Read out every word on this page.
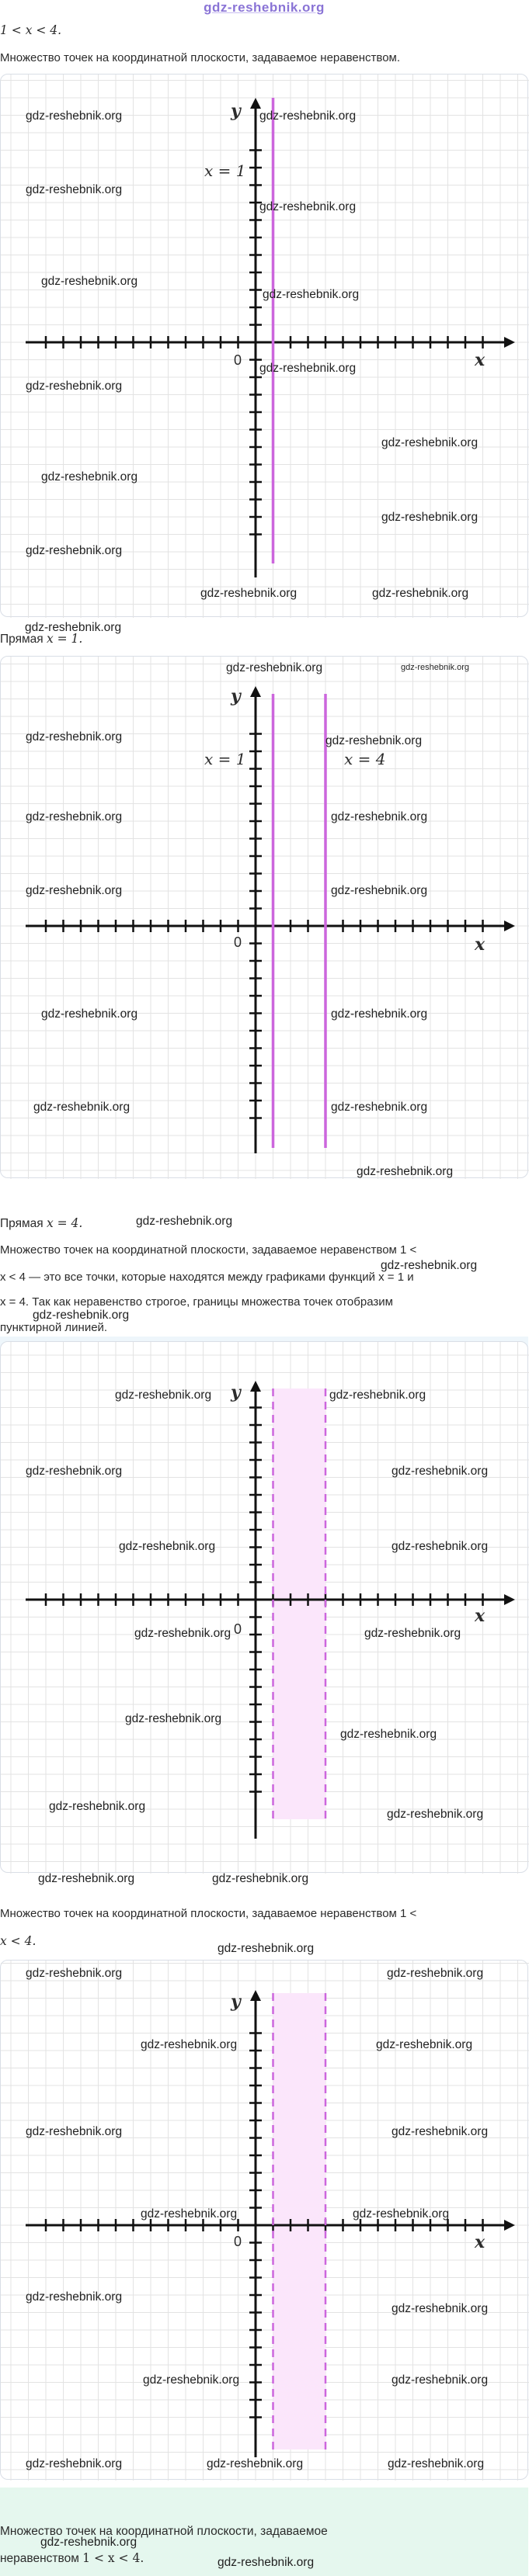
gdz-reshebnik.org
1 < x < 4.
Множество точек на координатной плоскости, задаваемое неравенством.
x = 1
y
x
0
gdz-reshebnik.org	gdz-reshebnik.org
gdz-reshebnik.org
gdz-reshebnik.org
gdz-reshebnik.org
gdz-reshebnik.org
gdz-reshebnik.org
gdz-reshebnik.org
gdz-reshebnik.org
gdz-reshebnik.org
gdz-reshebnik.org
gdz-reshebnik.org
gdz-reshebnik.org	gdz-reshebnik.org
gdz-reshebnik.org
Прямая x = 1.
x = 1	x = 4
y
x
0
gdz-reshebnik.org	gdz-reshebnik.org
gdz-reshebnik.org	gdz-reshebnik.org
gdz-reshebnik.org	gdz-reshebnik.org
gdz-reshebnik.org	gdz-reshebnik.org
gdz-reshebnik.org	gdz-reshebnik.org
gdz-reshebnik.org	gdz-reshebnik.org
gdz-reshebnik.org
Прямая x = 4.	gdz-reshebnik.org
Множество точек на координатной плоскости, задаваемое неравенством 1 <
gdz-reshebnik.org
x < 4 — это все точки, которые находятся между графиками функций x = 1 и
x = 4. Так как неравенство строгое, границы множества точек отобразим
gdz-reshebnik.org
пунктирной линией.
y
x
0
gdz-reshebnik.org	gdz-reshebnik.org
gdz-reshebnik.org	gdz-reshebnik.org
gdz-reshebnik.org	gdz-reshebnik.org
gdz-reshebnik.org	gdz-reshebnik.org
gdz-reshebnik.org
gdz-reshebnik.org
gdz-reshebnik.org
gdz-reshebnik.org
gdz-reshebnik.org	gdz-reshebnik.org
Множество точек на координатной плоскости, задаваемое неравенством 1 <
x < 4.
gdz-reshebnik.org
y
x
0
gdz-reshebnik.org	gdz-reshebnik.org
gdz-reshebnik.org	gdz-reshebnik.org
gdz-reshebnik.org	gdz-reshebnik.org
gdz-reshebnik.org	gdz-reshebnik.org
gdz-reshebnik.org
gdz-reshebnik.org
gdz-reshebnik.org	gdz-reshebnik.org
gdz-reshebnik.org	gdz-reshebnik.org	gdz-reshebnik.org
Множество точек на координатной плоскости, задаваемое
неравенством 1 < x < 4.
gdz-reshebnik.org
gdz-reshebnik.org
